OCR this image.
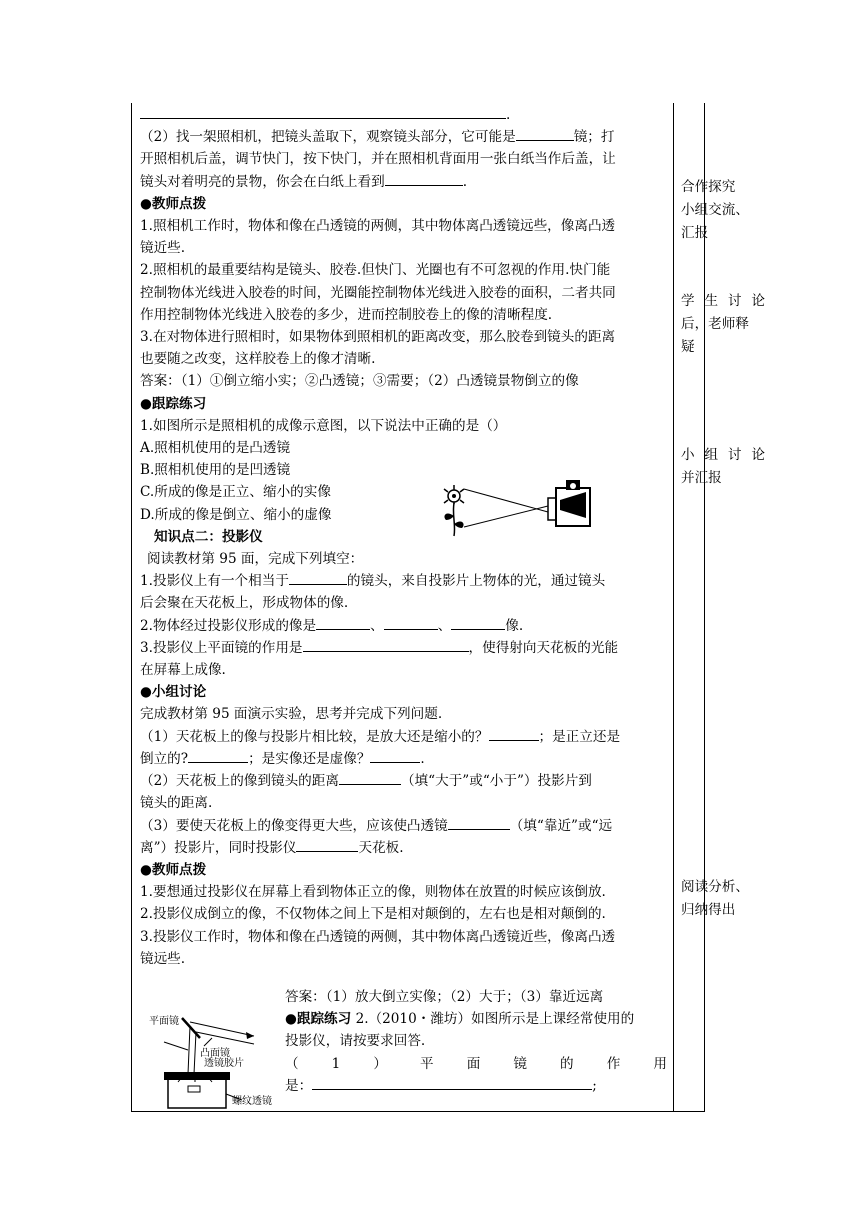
.

（2）找一架照相机，把镜头盖取下，观察镜头部分，它可能是	镜；打

开照相机后盖，调节快门，按下快门，并在照相机背面用一张白纸当作后盖，让

镜头对着明亮的景物，你会在白纸上看到	.

●教师点拨

1.照相机工作时，物体和像在凸透镜的两侧，其中物体离凸透镜远些，像离凸透

镜近些.

2.照相机的最重要结构是镜头、胶卷.但快门、光圈也有不可忽视的作用.快门能

控制物体光线进入胶卷的时间，光圈能控制物体光线进入胶卷的面积，二者共同

作用控制物体光线进入胶卷的多少，进而控制胶卷上的像的清晰程度.

3.在对物体进行照相时，如果物体到照相机的距离改变，那么胶卷到镜头的距离

也要随之改变，这样胶卷上的像才清晰.

答案：（1）①倒立缩小实；②凸透镜；③需要；（2）凸透镜景物倒立的像

●跟踪练习

1.如图所示是照相机的成像示意图，以下说法中正确的是（）

A.照相机使用的是凸透镜

B.照相机使用的是凹透镜

C.所成的像是正立、缩小的实像

D.所成的像是倒立、缩小的虚像

知识点二：投影仪

阅读教材第 95 面，完成下列填空：

1.投影仪上有一个相当于	的镜头，来自投影片上物体的光，通过镜头

后会聚在天花板上，形成物体的像.

2.物体经过投影仪形成的像是	、	、	像.

3.投影仪上平面镜的作用是	，使得射向天花板的光能

在屏幕上成像.

●小组讨论

完成教材第 95 面演示实验，思考并完成下列问题.

（1）天花板上的像与投影片相比较，是放大还是缩小的？	；是正立还是

倒立的?	；是实像还是虚像？	.

（2）天花板上的像到镜头的距离	（填“大于”或“小于”）投影片到

镜头的距离.

（3）要使天花板上的像变得更大些，应该使凸透镜	（填“靠近”或“远

离”）投影片，同时投影仪	天花板.

●教师点拨

1.要想通过投影仪在屏幕上看到物体正立的像，则物体在放置的时候应该倒放.

2.投影仪成倒立的像，不仅物体之间上下是相对颠倒的，左右也是相对颠倒的.

3.投影仪工作时，物体和像在凸透镜的两侧，其中物体离凸透镜近些，像离凸透

镜远些.

答案：（1）放大倒立实像；（2）大于；（3）靠近远离

●跟踪练习 2.（2010・潍坊）如图所示是上课经常使用的

投影仪，请按要求回答.

（1）平面镜的作用

是：	;

平面镜
凸面镜
透镜胶片
螺纹透镜

合作探究

小组交流、

汇报

学生讨论

后，老师释

疑

小组讨论

并汇报

阅读分析、

归纳得出
